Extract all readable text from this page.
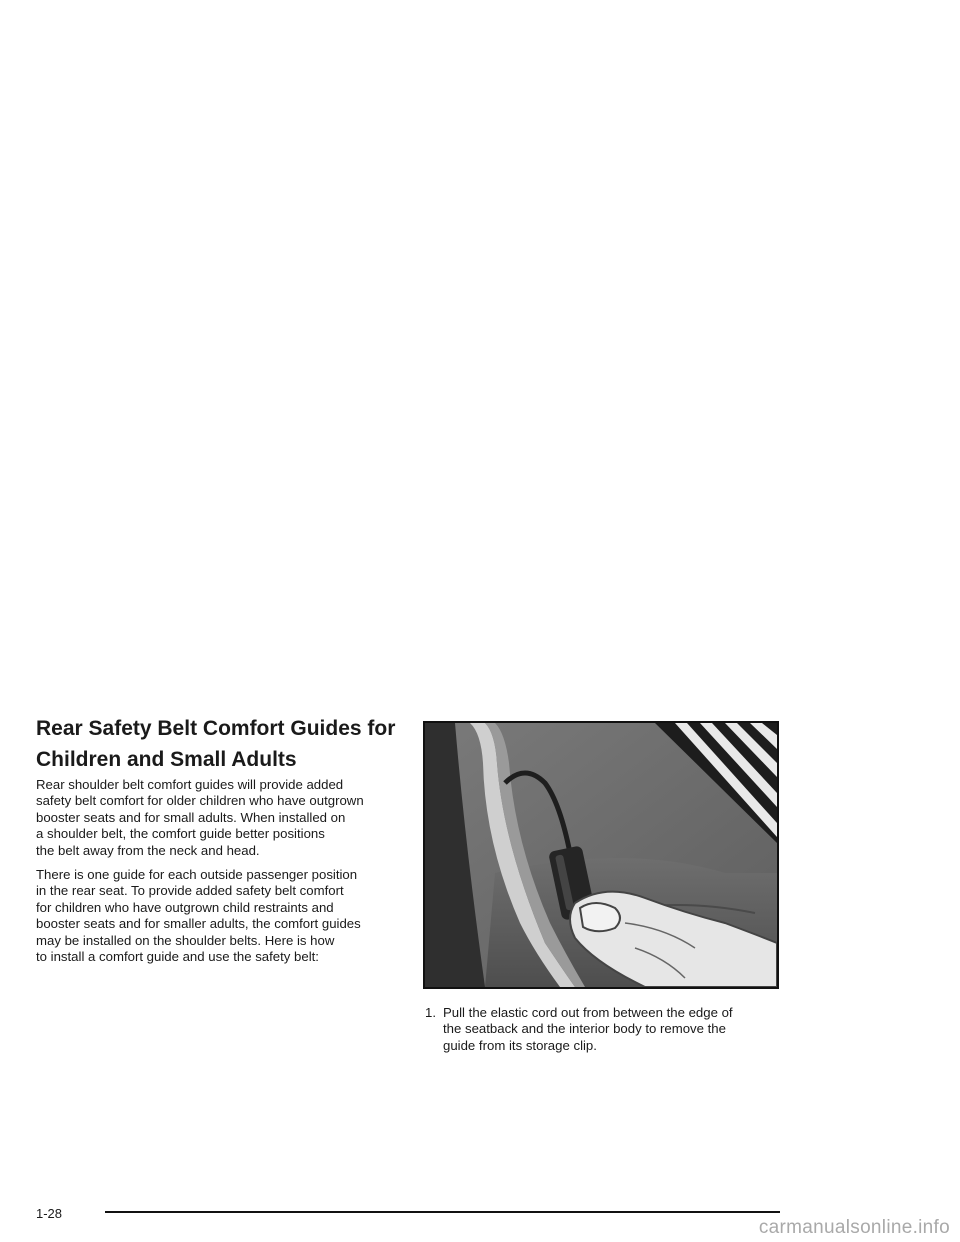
Rear Safety Belt Comfort Guides for
Children and Small Adults

Rear shoulder belt comfort guides will provide added
safety belt comfort for older children who have outgrown
booster seats and for small adults. When installed on
a shoulder belt, the comfort guide better positions
the belt away from the neck and head.

There is one guide for each outside passenger position
in the rear seat. To provide added safety belt comfort
for children who have outgrown child restraints and
booster seats and for smaller adults, the comfort guides
may be installed on the shoulder belts. Here is how
to install a comfort guide and use the safety belt:

1. Pull the elastic cord out from between the edge of
the seatback and the interior body to remove the
guide from its storage clip.
1-28
carmanualsonline.info
